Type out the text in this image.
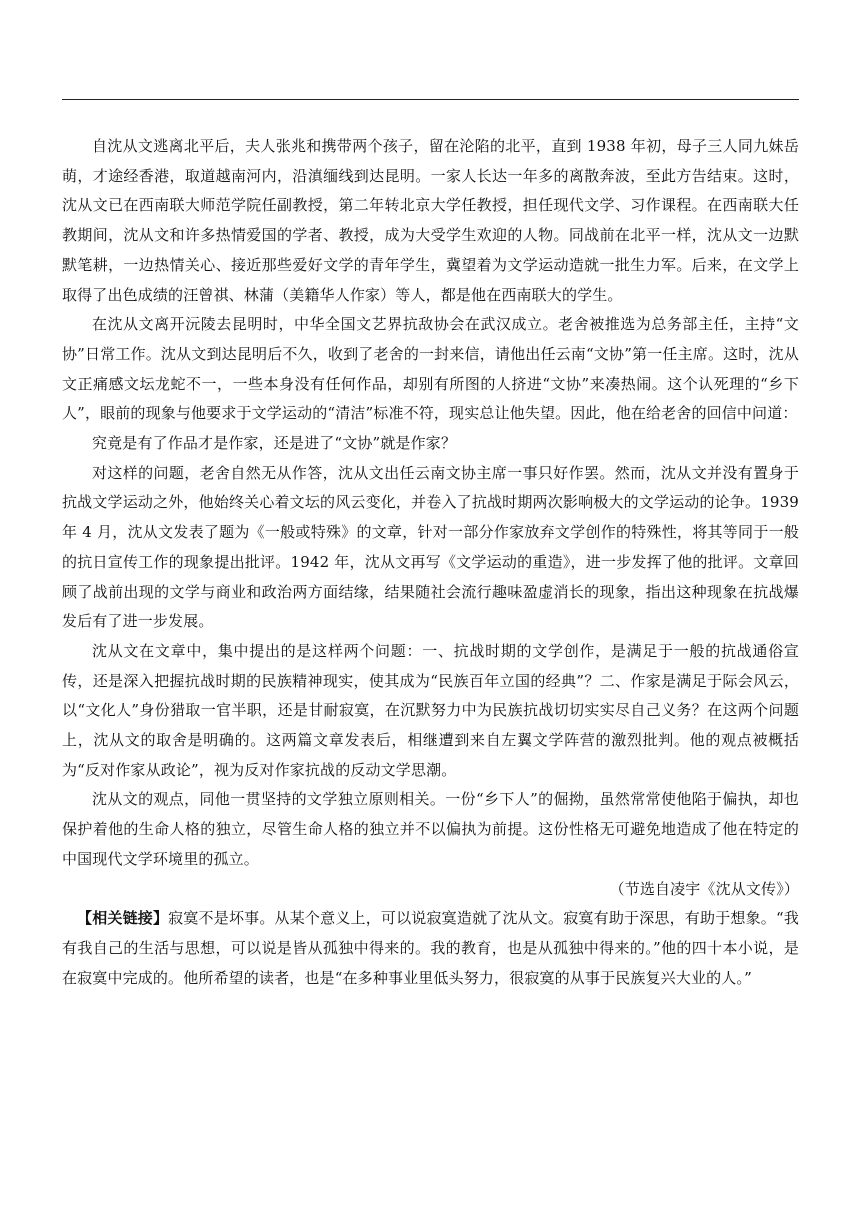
自沈从文逃离北平后，夫人张兆和携带两个孩子，留在沦陷的北平，直到 1938 年初，母子三人同九妹岳萌，才途经香港，取道越南河内，沿滇缅线到达昆明。一家人长达一年多的离散奔波，至此方告结束。这时，沈从文已在西南联大师范学院任副教授，第二年转北京大学任教授，担任现代文学、习作课程。在西南联大任教期间，沈从文和许多热情爱国的学者、教授，成为大受学生欢迎的人物。同战前在北平一样，沈从文一边默默笔耕，一边热情关心、接近那些爱好文学的青年学生，冀望着为文学运动造就一批生力军。后来，在文学上取得了出色成绩的汪曾祺、林蒲（美籍华人作家）等人，都是他在西南联大的学生。

在沈从文离开沅陵去昆明时，中华全国文艺界抗敌协会在武汉成立。老舍被推选为总务部主任，主持“文协”日常工作。沈从文到达昆明后不久，收到了老舍的一封来信，请他出任云南“文协”第一任主席。这时，沈从文正痛感文坛龙蛇不一，一些本身没有任何作品，却别有所图的人挤进“文协”来凑热闹。这个认死理的“乡下人”，眼前的现象与他要求于文学运动的“清洁”标准不符，现实总让他失望。因此，他在给老舍的回信中问道：

究竟是有了作品才是作家，还是进了“文协”就是作家？

对这样的问题，老舍自然无从作答，沈从文出任云南文协主席一事只好作罢。然而，沈从文并没有置身于抗战文学运动之外，他始终关心着文坛的风云变化，并卷入了抗战时期两次影响极大的文学运动的论争。1939 年 4 月，沈从文发表了题为《一般或特殊》的文章，针对一部分作家放弃文学创作的特殊性，将其等同于一般的抗日宣传工作的现象提出批评。1942 年，沈从文再写《文学运动的重造》，进一步发挥了他的批评。文章回顾了战前出现的文学与商业和政治两方面结缘，结果随社会流行趣味盈虚消长的现象，指出这种现象在抗战爆发后有了进一步发展。

沈从文在文章中，集中提出的是这样两个问题：一、抗战时期的文学创作，是满足于一般的抗战通俗宣传，还是深入把握抗战时期的民族精神现实，使其成为“民族百年立国的经典”？二、作家是满足于际会风云，以“文化人”身份猎取一官半职，还是甘耐寂寞，在沉默努力中为民族抗战切切实实尽自己义务？在这两个问题上，沈从文的取舍是明确的。这两篇文章发表后，相继遭到来自左翼文学阵营的激烈批判。他的观点被概括为“反对作家从政论”，视为反对作家抗战的反动文学思潮。

沈从文的观点，同他一贯坚持的文学独立原则相关。一份“乡下人”的倔拗，虽然常常使他陷于偏执，却也保护着他的生命人格的独立，尽管生命人格的独立并不以偏执为前提。这份性格无可避免地造成了他在特定的中国现代文学环境里的孤立。

（节选自凌宇《沈从文传》）

【相关链接】寂寞不是坏事。从某个意义上，可以说寂寞造就了沈从文。寂寞有助于深思，有助于想象。“我有我自己的生活与思想，可以说是皆从孤独中得来的。我的教育，也是从孤独中得来的。”他的四十本小说，是在寂寞中完成的。他所希望的读者，也是“在多种事业里低头努力，很寂寞的从事于民族复兴大业的人。”
